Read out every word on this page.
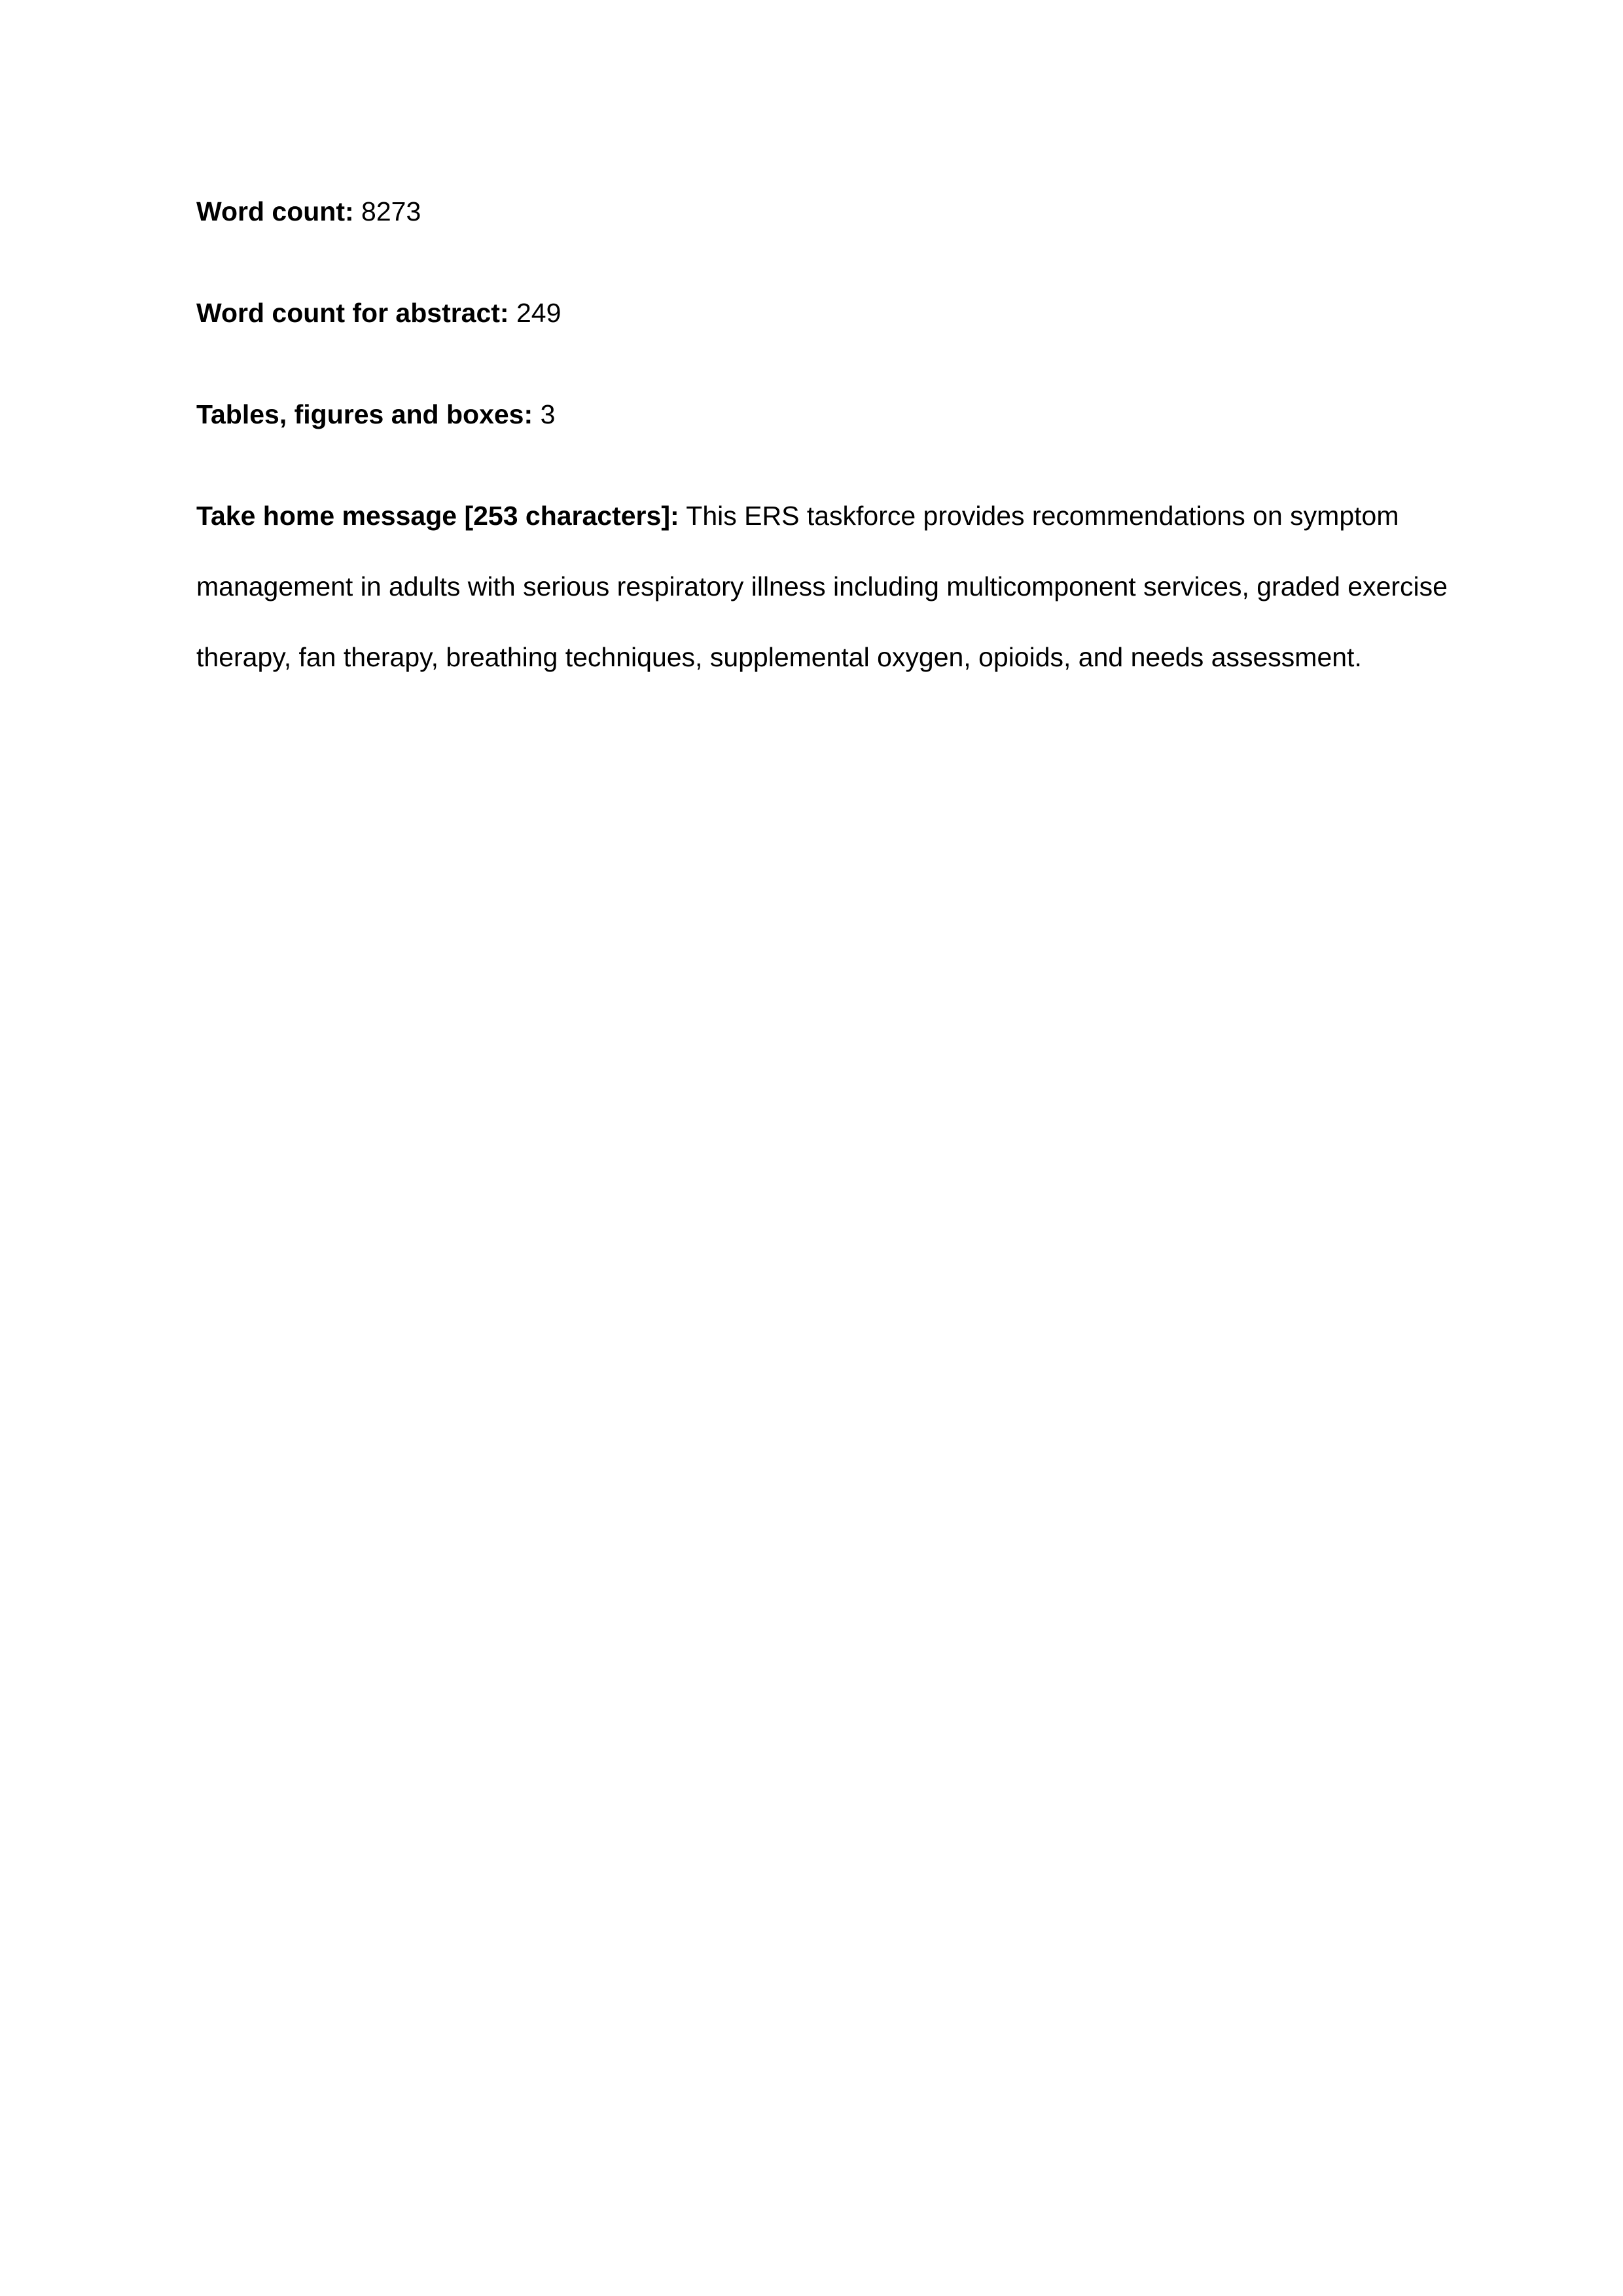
Word count: 8273

Word count for abstract: 249

Tables, figures and boxes: 3

Take home message [253 characters]: This ERS taskforce provides recommendations on symptom management in adults with serious respiratory illness including multicomponent services, graded exercise therapy, fan therapy, breathing techniques, supplemental oxygen, opioids, and needs assessment.
